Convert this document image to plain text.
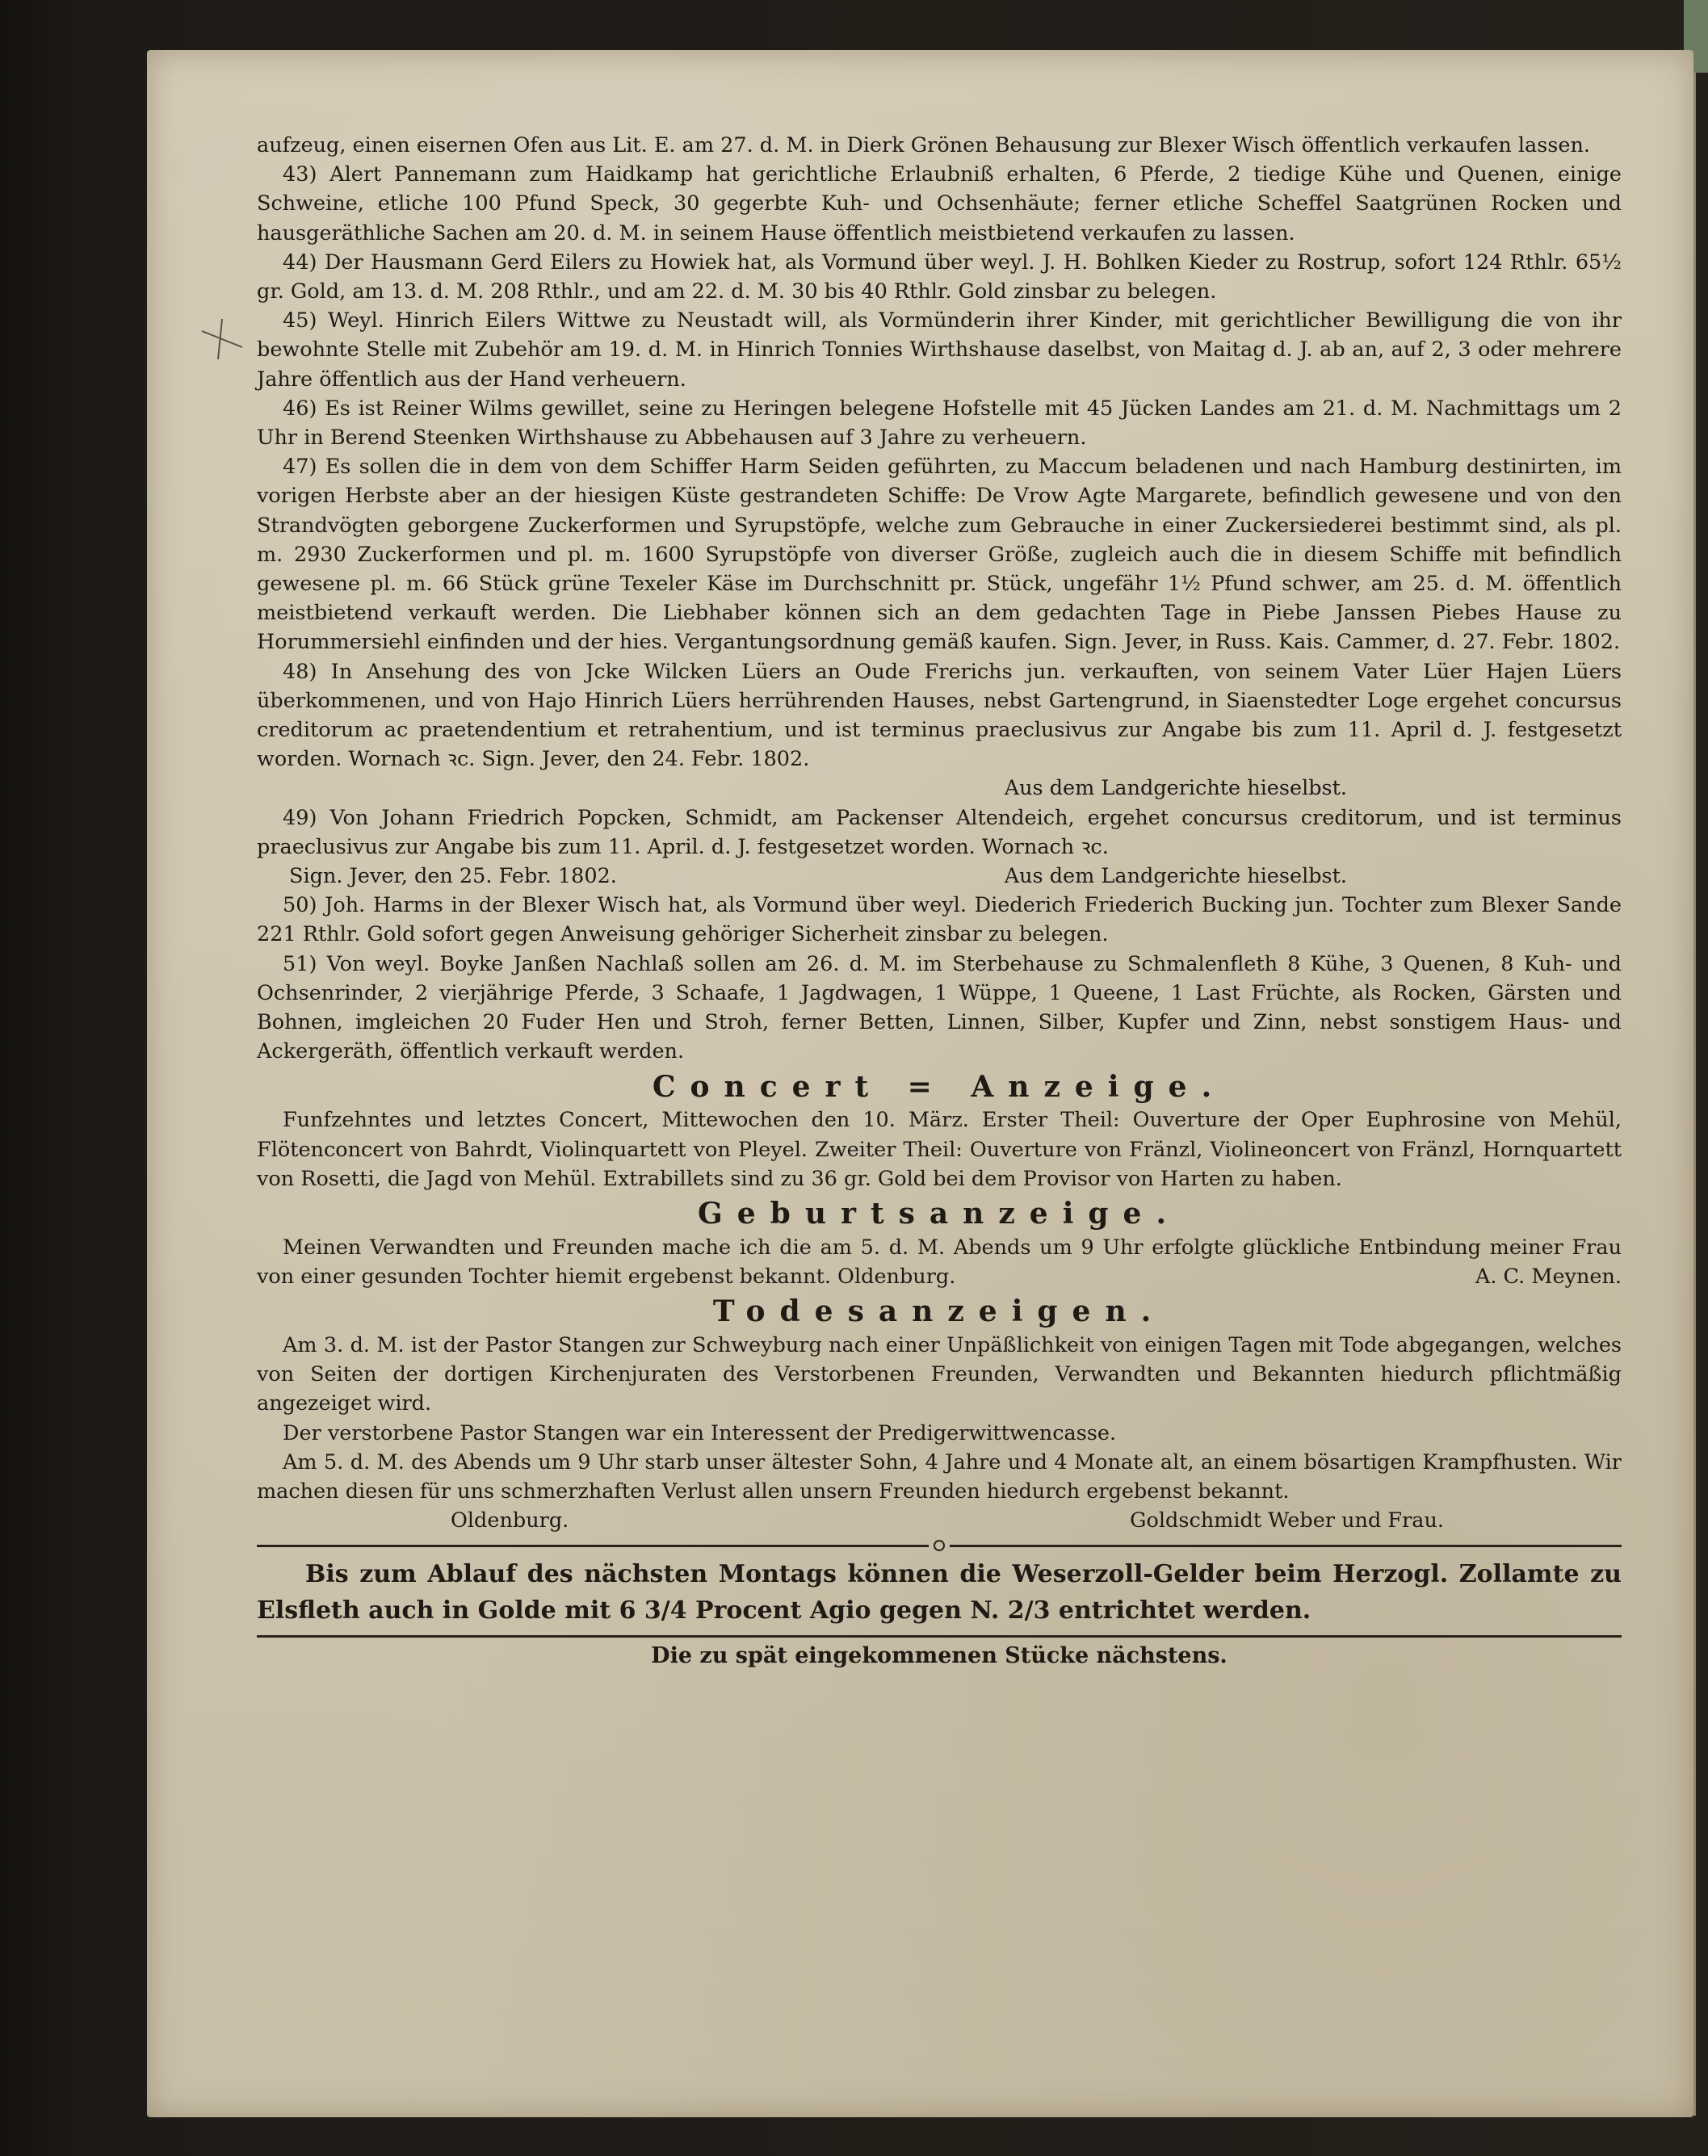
aufzeug, einen eisernen Ofen aus Lit. E. am 27. d. M. in Dierk Grönen Behausung zur Blexer Wisch öffentlich verkaufen lassen.

43) Alert Pannemann zum Haidkamp hat gerichtliche Erlaubniß erhalten, 6 Pferde, 2 tiedige Kühe und Quenen, einige Schweine, etliche 100 Pfund Speck, 30 gegerbte Kuh- und Ochsenhäute; ferner etliche Scheffel Saatgrünen Rocken und hausgeräthliche Sachen am 20. d. M. in seinem Hause öffentlich meistbietend verkaufen zu lassen.

44) Der Hausmann Gerd Eilers zu Howiek hat, als Vormund über weyl. J. H. Bohlken Kieder zu Rostrup, sofort 124 Rthlr. 65½ gr. Gold, am 13. d. M. 208 Rthlr., und am 22. d. M. 30 bis 40 Rthlr. Gold zinsbar zu belegen.

45) Weyl. Hinrich Eilers Wittwe zu Neustadt will, als Vormünderin ihrer Kinder, mit gerichtlicher Bewilligung die von ihr bewohnte Stelle mit Zubehör am 19. d. M. in Hinrich Tonnies Wirthshause daselbst, von Maitag d. J. ab an, auf 2, 3 oder mehrere Jahre öffentlich aus der Hand verheuern.

46) Es ist Reiner Wilms gewillet, seine zu Heringen belegene Hofstelle mit 45 Jücken Landes am 21. d. M. Nachmittags um 2 Uhr in Berend Steenken Wirthshause zu Abbehausen auf 3 Jahre zu verheuern.

47) Es sollen die in dem von dem Schiffer Harm Seiden geführten, zu Maccum beladenen und nach Hamburg destinirten, im vorigen Herbste aber an der hiesigen Küste gestrandeten Schiffe: De Vrow Agte Margarete, befindlich gewesene und von den Strandvögten geborgene Zuckerformen und Syrupstöpfe, welche zum Gebrauche in einer Zuckersiederei bestimmt sind, als pl. m. 2930 Zuckerformen und pl. m. 1600 Syrupstöpfe von diverser Größe, zugleich auch die in diesem Schiffe mit befindlich gewesene pl. m. 66 Stück grüne Texeler Käse im Durchschnitt pr. Stück, ungefähr 1½ Pfund schwer, am 25. d. M. öffentlich meistbietend verkauft werden. Die Liebhaber können sich an dem gedachten Tage in Piebe Janssen Piebes Hause zu Horummersiehl einfinden und der hies. Vergantungsordnung gemäß kaufen. Sign. Jever, in Russ. Kais. Cammer, d. 27. Febr. 1802.

48) In Ansehung des von Jcke Wilcken Lüers an Oude Frerichs jun. verkauften, von seinem Vater Lüer Hajen Lüers überkommenen, und von Hajo Hinrich Lüers herrührenden Hauses, nebst Gartengrund, in Siaenstedter Loge ergehet concursus creditorum ac praetendentium et retrahentium, und ist terminus praeclusivus zur Angabe bis zum 11. April d. J. festgesetzt worden. Wornach ꝛc. Sign. Jever, den 24. Febr. 1802.

Aus dem Landgerichte hieselbst.

49) Von Johann Friedrich Popcken, Schmidt, am Packenser Altendeich, ergehet concursus creditorum, und ist terminus praeclusivus zur Angabe bis zum 11. April. d. J. festgesetzet worden. Wornach ꝛc.

Sign. Jever, den 25. Febr. 1802.	Aus dem Landgerichte hieselbst.

50) Joh. Harms in der Blexer Wisch hat, als Vormund über weyl. Diederich Friederich Bucking jun. Tochter zum Blexer Sande 221 Rthlr. Gold sofort gegen Anweisung gehöriger Sicherheit zinsbar zu belegen.

51) Von weyl. Boyke Janßen Nachlaß sollen am 26. d. M. im Sterbehause zu Schmalenfleth 8 Kühe, 3 Quenen, 8 Kuh- und Ochsenrinder, 2 vierjährige Pferde, 3 Schaafe, 1 Jagdwagen, 1 Wüppe, 1 Queene, 1 Last Früchte, als Rocken, Gärsten und Bohnen, imgleichen 20 Fuder Hen und Stroh, ferner Betten, Linnen, Silber, Kupfer und Zinn, nebst sonstigem Haus- und Ackergeräth, öffentlich verkauft werden.

Concert = Anzeige.

Funfzehntes und letztes Concert, Mittewochen den 10. März. Erster Theil: Ouverture der Oper Euphrosine von Mehül, Flötenconcert von Bahrdt, Violinquartett von Pleyel. Zweiter Theil: Ouverture von Fränzl, Violineoncert von Fränzl, Hornquartett von Rosetti, die Jagd von Mehül. Extrabillets sind zu 36 gr. Gold bei dem Provisor von Harten zu haben.

Geburtsanzeige.

Meinen Verwandten und Freunden mache ich die am 5. d. M. Abends um 9 Uhr erfolgte glückliche Entbindung meiner Frau von einer gesunden Tochter hiemit ergebenst bekannt. Oldenburg.	A. C. Meynen.

Todesanzeigen.

Am 3. d. M. ist der Pastor Stangen zur Schweyburg nach einer Unpäßlichkeit von einigen Tagen mit Tode abgegangen, welches von Seiten der dortigen Kirchenjuraten des Verstorbenen Freunden, Verwandten und Bekannten hiedurch pflichtmäßig angezeiget wird.

Der verstorbene Pastor Stangen war ein Interessent der Predigerwittwencasse.

Am 5. d. M. des Abends um 9 Uhr starb unser ältester Sohn, 4 Jahre und 4 Monate alt, an einem bösartigen Krampfhusten. Wir machen diesen für uns schmerzhaften Verlust allen unsern Freunden hiedurch ergebenst bekannt.

Oldenburg.	Goldschmidt Weber und Frau.

Bis zum Ablauf des nächsten Montags können die Weserzoll-Gelder beim Herzogl. Zollamte zu Elsfleth auch in Golde mit 6 3/4 Procent Agio gegen N. 2/3 entrichtet werden.

Die zu spät eingekommenen Stücke nächstens.
